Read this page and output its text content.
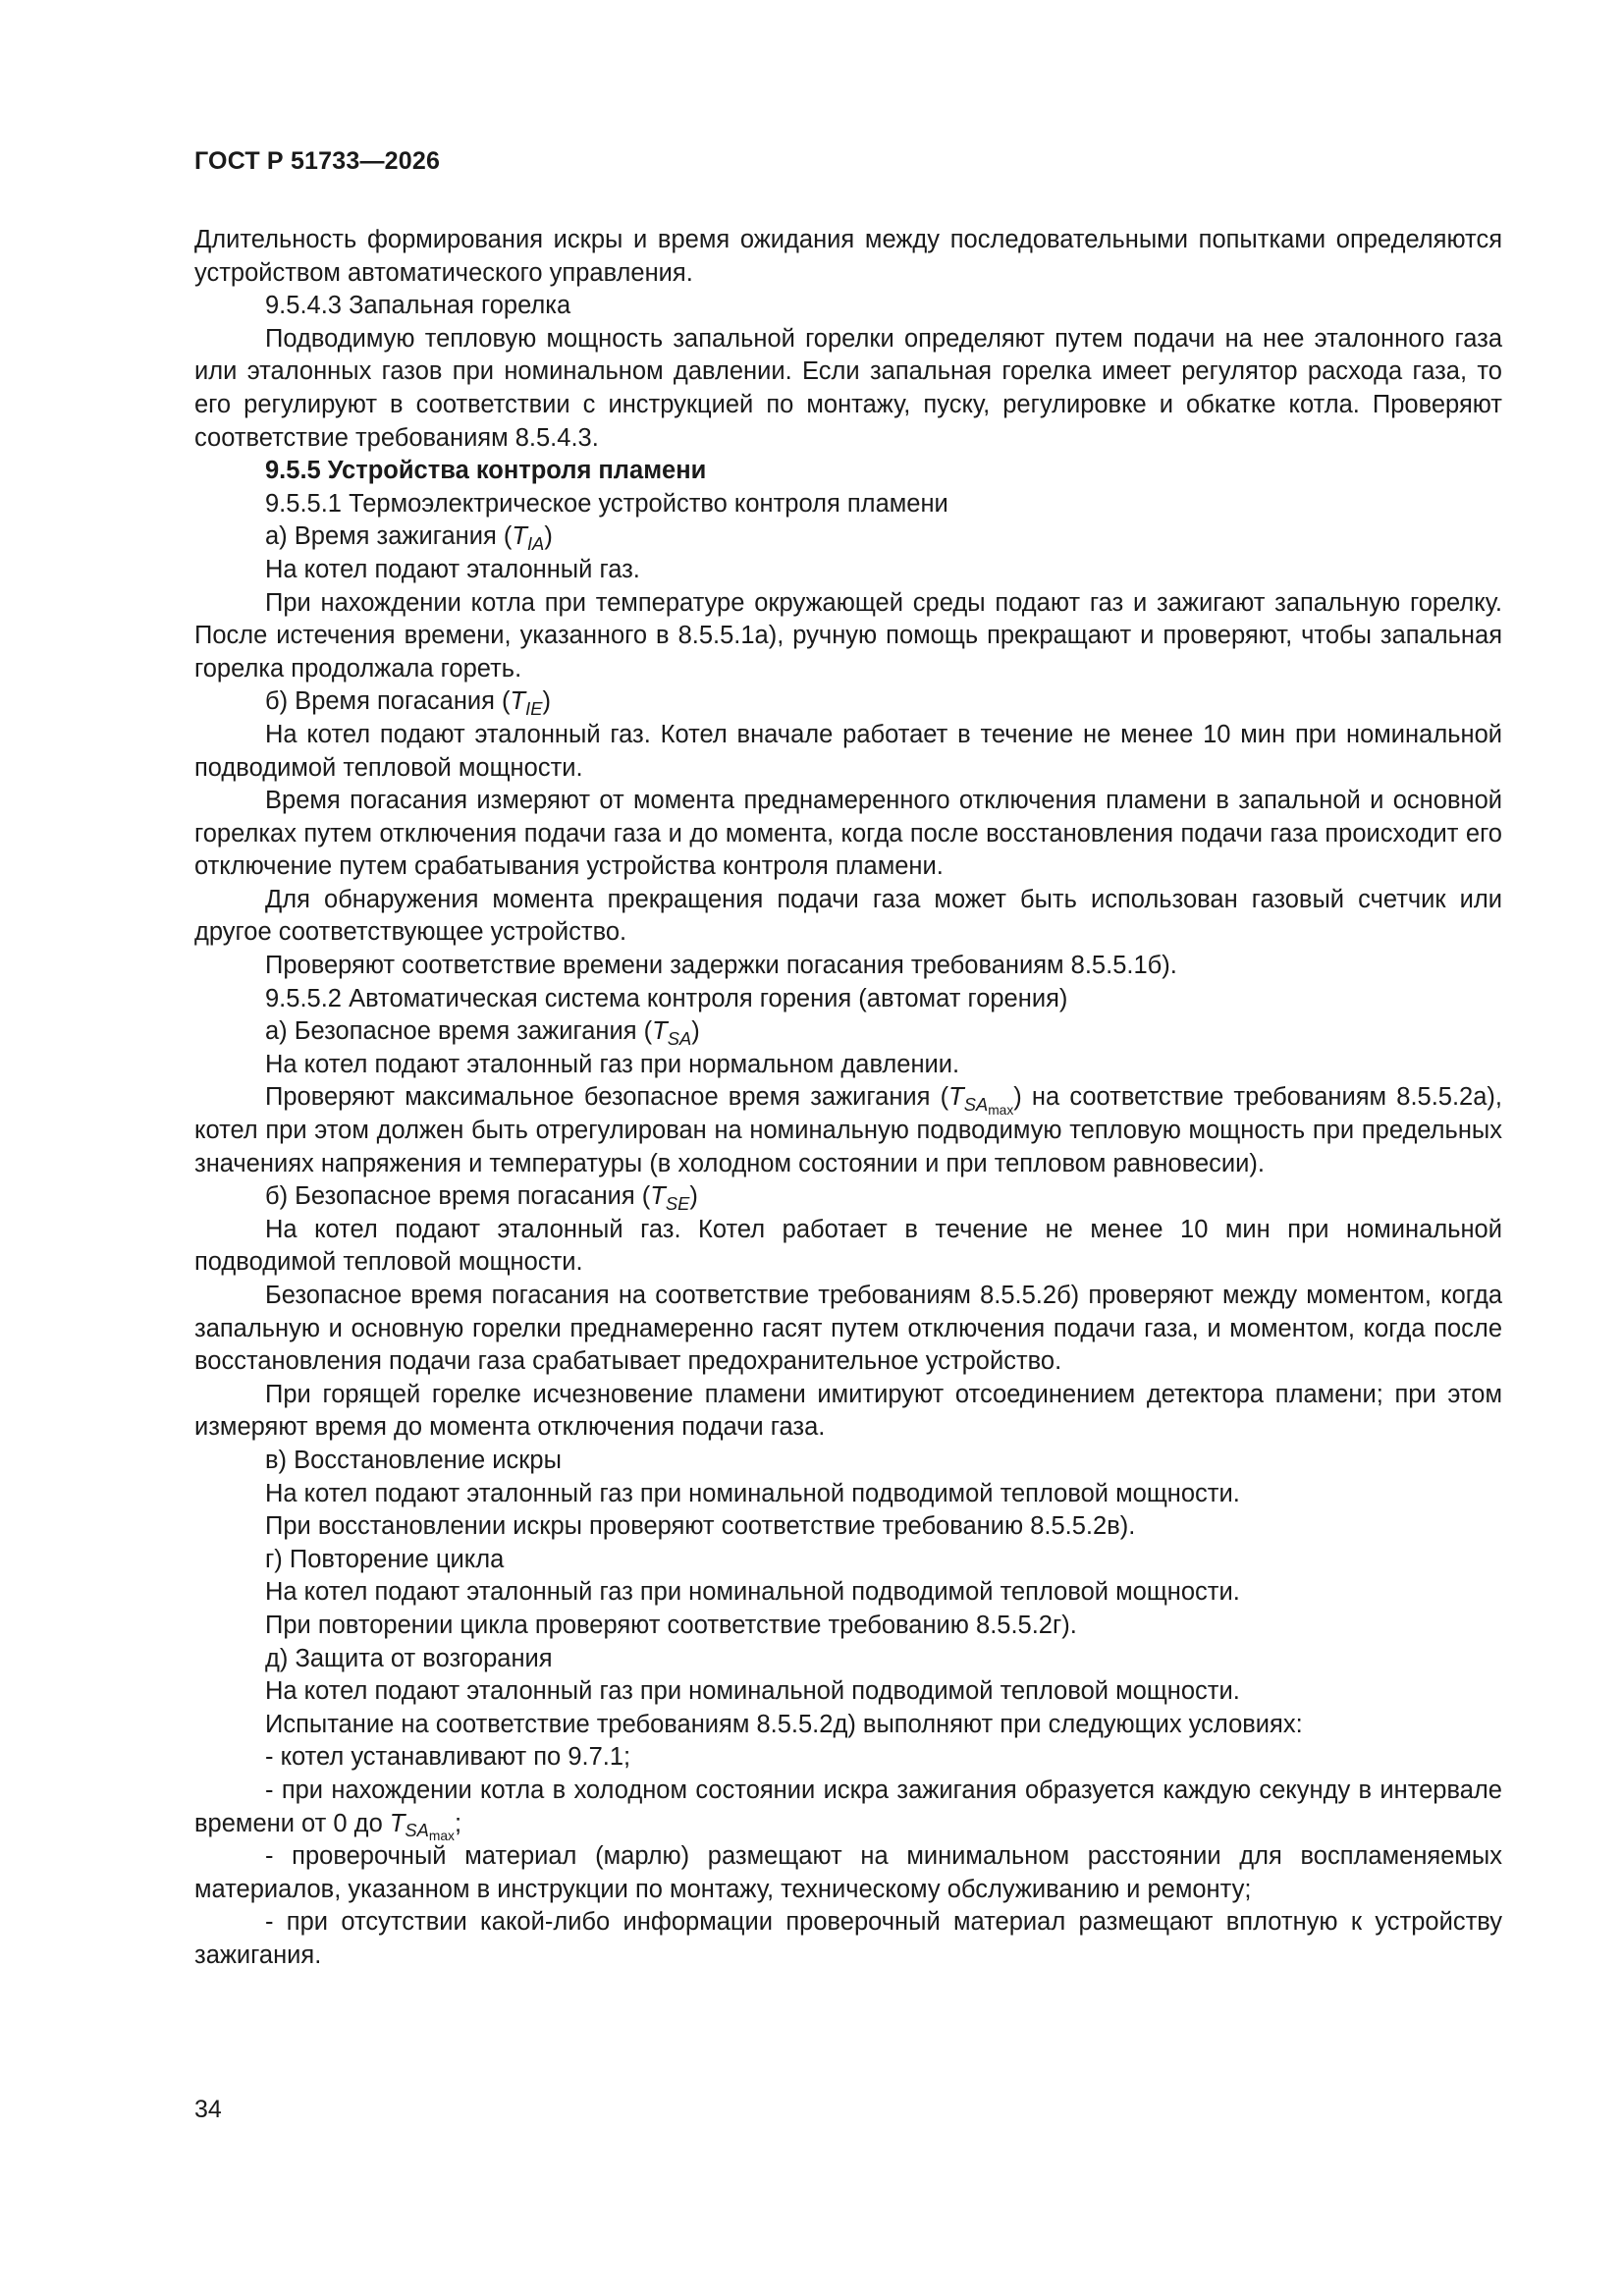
ГОСТ Р 51733—2026

Длительность формирования искры и время ожидания между последовательными попытками определяются устройством автоматического управления.

9.5.4.3 Запальная горелка

Подводимую тепловую мощность запальной горелки определяют путем подачи на нее эталонного газа или эталонных газов при номинальном давлении. Если запальная горелка имеет регулятор расхода газа, то его регулируют в соответствии с инструкцией по монтажу, пуску, регулировке и обкатке котла. Проверяют соответствие требованиям 8.5.4.3.

9.5.5 Устройства контроля пламени

9.5.5.1 Термоэлектрическое устройство контроля пламени

а) Время зажигания $(T_{IA})$

На котел подают эталонный газ.

При нахождении котла при температуре окружающей среды подают газ и зажигают запальную горелку. После истечения времени, указанного в 8.5.5.1а), ручную помощь прекращают и проверяют, чтобы запальная горелка продолжала гореть.

б) Время погасания $(T_{IE})$

На котел подают эталонный газ. Котел вначале работает в течение не менее 10 мин при номинальной подводимой тепловой мощности.

Время погасания измеряют от момента преднамеренного отключения пламени в запальной и основной горелках путем отключения подачи газа и до момента, когда после восстановления подачи газа происходит его отключение путем срабатывания устройства контроля пламени.

Для обнаружения момента прекращения подачи газа может быть использован газовый счетчик или другое соответствующее устройство.

Проверяют соответствие времени задержки погасания требованиям 8.5.5.1б).

9.5.5.2 Автоматическая система контроля горения (автомат горения)

а) Безопасное время зажигания $(T_{SA})$

На котел подают эталонный газ при нормальном давлении.

Проверяют максимальное безопасное время зажигания $(T_{SA_{max}})$ на соответствие требованиям 8.5.5.2а), котел при этом должен быть отрегулирован на номинальную подводимую тепловую мощность при предельных значениях напряжения и температуры (в холодном состоянии и при тепловом равновесии).

б) Безопасное время погасания $(T_{SE})$

На котел подают эталонный газ. Котел работает в течение не менее 10 мин при номинальной подводимой тепловой мощности.

Безопасное время погасания на соответствие требованиям 8.5.5.2б) проверяют между моментом, когда запальную и основную горелки преднамеренно гасят путем отключения подачи газа, и моментом, когда после восстановления подачи газа срабатывает предохранительное устройство.

При горящей горелке исчезновение пламени имитируют отсоединением детектора пламени; при этом измеряют время до момента отключения подачи газа.

в) Восстановление искры

На котел подают эталонный газ при номинальной подводимой тепловой мощности.

При восстановлении искры проверяют соответствие требованию 8.5.5.2в).

г) Повторение цикла

На котел подают эталонный газ при номинальной подводимой тепловой мощности.

При повторении цикла проверяют соответствие требованию 8.5.5.2г).

д) Защита от возгорания

На котел подают эталонный газ при номинальной подводимой тепловой мощности.

Испытание на соответствие требованиям 8.5.5.2д) выполняют при следующих условиях:

- котел устанавливают по 9.7.1;

- при нахождении котла в холодном состоянии искра зажигания образуется каждую секунду в интервале времени от 0 до $T_{SA_{max}}$;

- проверочный материал (марлю) размещают на минимальном расстоянии для воспламеняемых материалов, указанном в инструкции по монтажу, техническому обслуживанию и ремонту;

- при отсутствии какой-либо информации проверочный материал размещают вплотную к устройству зажигания.

34
